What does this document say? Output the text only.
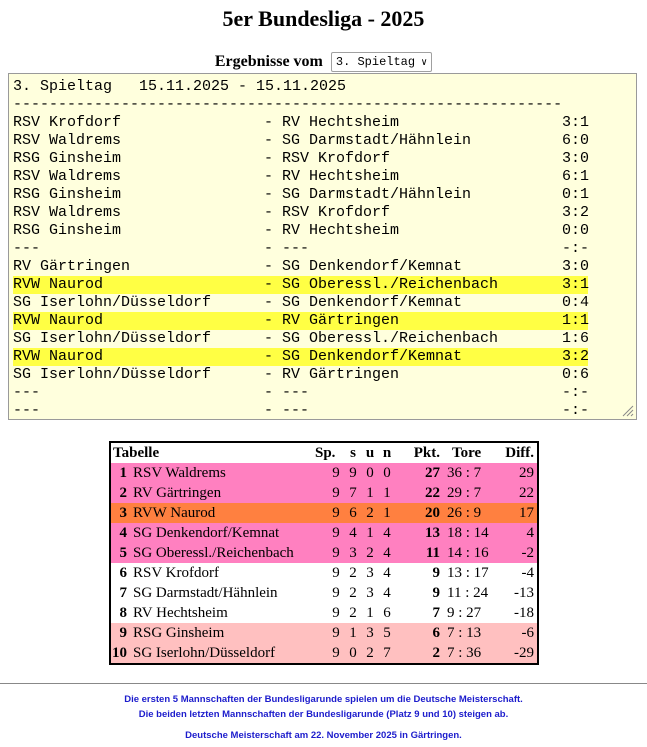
5er Bundesliga - 2025
Ergebnisse vom 3. Spieltag ∨
3. Spieltag   15.11.2025 - 15.11.2025
-------------------------------------------------------------
RSV Krofdorf	- RV Hechtsheim	3:1
RSV Waldrems	- SG Darmstadt/Hähnlein	6:0
RSG Ginsheim	- RSV Krofdorf	3:0
RSV Waldrems	- RV Hechtsheim	6:1
RSG Ginsheim	- SG Darmstadt/Hähnlein	0:1
RSV Waldrems	- RSV Krofdorf	3:2
RSG Ginsheim	- RV Hechtsheim	0:0
---	- ---	-:-
RV Gärtringen	- SG Denkendorf/Kemnat	3:0
RVW Naurod	- SG Oberessl./Reichenbach	3:1
SG Iserlohn/Düsseldorf	- SG Denkendorf/Kemnat	0:4
RVW Naurod	- RV Gärtringen	1:1
SG Iserlohn/Düsseldorf	- SG Oberessl./Reichenbach	1:6
RVW Naurod	- SG Denkendorf/Kemnat	3:2
SG Iserlohn/Düsseldorf	- RV Gärtringen	0:6
---	- ---	-:-
---	- ---	-:-
Tabelle	Sp. s u n Pkt. Tore	Diff.
1 RSV Waldrems	9 9 0 0 27 36 : 7	29
2 RV Gärtringen	9 7 1 1 22 29 : 7	22
3 RVW Naurod	9 6 2 1 20 26 : 9	17
4 SG Denkendorf/Kemnat	9 4 1 4 13 18 : 14	4
5 SG Oberessl./Reichenbach	9 3 2 4 11 14 : 16 -2
6 RSV Krofdorf	9 2 3 4	9 13 : 17 -4
7 SG Darmstadt/Hähnlein	9 2 3 4	9 11 : 24	-13
8 RV Hechtsheim	9 2 1 6	7 9 : 27	-18
9 RSG Ginsheim	9 1 3 5	6 7 : 13	-6
10 SG Iserlohn/Düsseldorf	9 0 2 7	2 7 : 36	-29
Die ersten 5 Mannschaften der Bundesligarunde spielen um die Deutsche Meisterschaft.
Die beiden letzten Mannschaften der Bundesligarunde (Platz 9 und 10) steigen ab.
Deutsche Meisterschaft am 22. November 2025 in Gärtringen.
